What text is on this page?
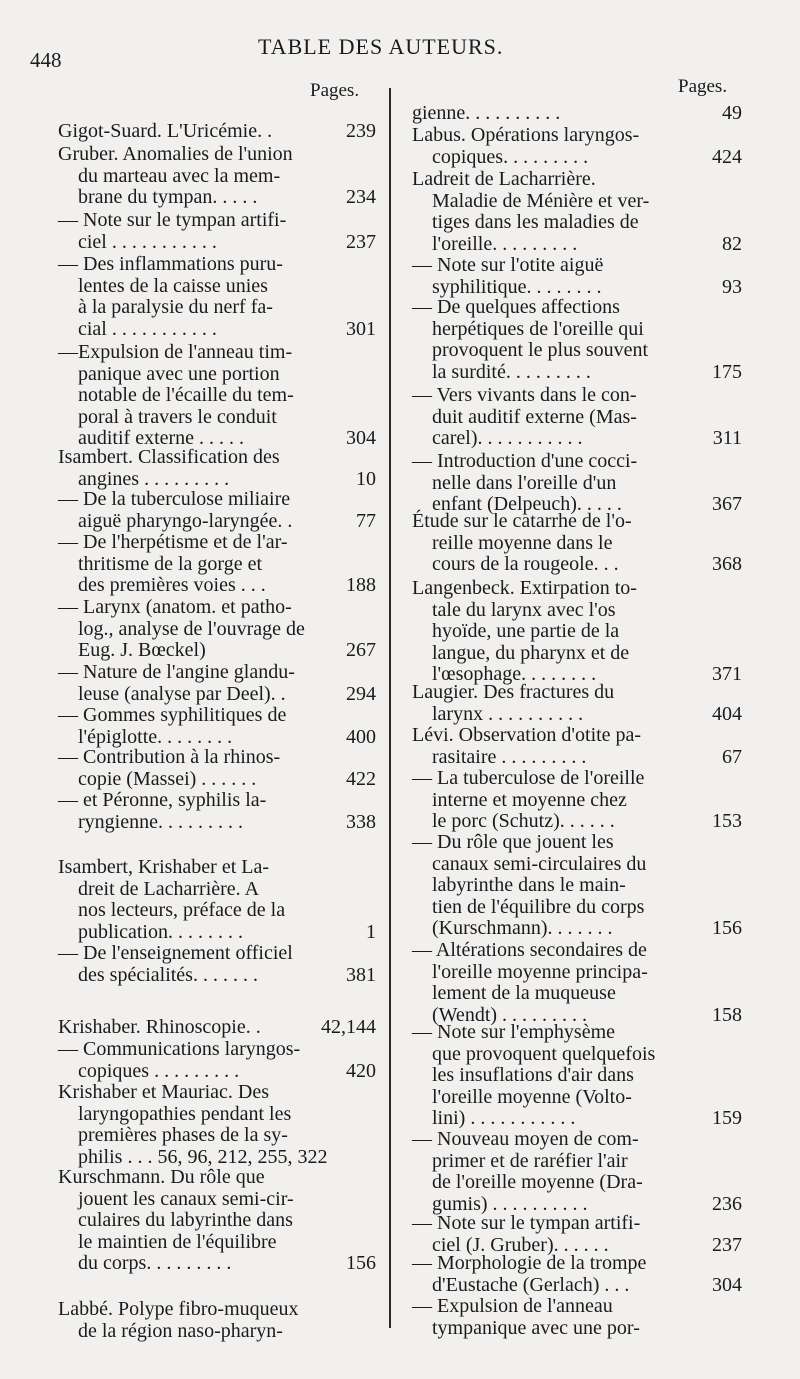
448
TABLE DES AUTEURS.
Pages.
Gigot-Suard. L'Uricémie. .	239
Gruber. Anomalies de l'union
du marteau avec la mem-
brane du tympan. . . . .	234
— Note sur le tympan artifi-
ciel . . . . . . . . . . .	237
— Des inflammations puru-
lentes de la caisse unies
à la paralysie du nerf fa-
cial . . . . . . . . . . .	301
—Expulsion de l'anneau tim-
panique avec une portion
notable de l'écaille du tem-
poral à travers le conduit
auditif externe . . . . .	304
Isambert. Classification des
angines . . . . . . . . .	10
— De la tuberculose miliaire
aiguë pharyngo-laryngée. .	77
— De l'herpétisme et de l'ar-
thritisme de la gorge et
des premières voies . . .	188
— Larynx (anatom. et patho-
log., analyse de l'ouvrage de
Eug. J. Bœckel)	267
— Nature de l'angine glandu-
leuse (analyse par Deel). .	294
— Gommes syphilitiques de
l'épiglotte. . . . . . . .	400
— Contribution à la rhinos-
copie (Massei) . . . . . .	422
— et Péronne, syphilis la-
ryngienne. . . . . . . . .	338
Isambert, Krishaber et La-
dreit de Lacharrière. A
nos lecteurs, préface de la
publication. . . . . . . .	1
— De l'enseignement officiel
des spécialités. . . . . . .	381
Krishaber. Rhinoscopie. .	42,144
— Communications laryngos-
copiques . . . . . . . . .	420
Krishaber et Mauriac. Des
laryngopathies pendant les
premières phases de la sy-
philis . . . 56, 96, 212, 255, 322
Kurschmann. Du rôle que
jouent les canaux semi-cir-
culaires du labyrinthe dans
le maintien de l'équilibre
du corps. . . . . . . . .	156
Labbé. Polype fibro-muqueux
de la région naso-pharyn-
Pages.
gienne. . . . . . . . . .	49
Labus. Opérations laryngos-
copiques. . . . . . . . .	424
Ladreit de Lacharrière.
Maladie de Ménière et ver-
tiges dans les maladies de
l'oreille. . . . . . . . .	82
— Note sur l'otite aiguë
syphilitique. . . . . . . .	93
— De quelques affections
herpétiques de l'oreille qui
provoquent le plus souvent
la surdité. . . . . . . . .	175
— Vers vivants dans le con-
duit auditif externe (Mas-
carel). . . . . . . . . . .	311
— Introduction d'une cocci-
nelle dans l'oreille d'un
enfant (Delpeuch). . . . .	367
Étude sur le catarrhe de l'o-
reille moyenne dans le
cours de la rougeole. . .	368
Langenbeck. Extirpation to-
tale du larynx avec l'os
hyoïde, une partie de la
langue, du pharynx et de
l'œsophage. . . . . . . .	371
Laugier. Des fractures du
larynx . . . . . . . . . .	404
Lévi. Observation d'otite pa-
rasitaire . . . . . . . . .	67
— La tuberculose de l'oreille
interne et moyenne chez
le porc (Schutz). . . . . .	153
— Du rôle que jouent les
canaux semi-circulaires du
labyrinthe dans le main-
tien de l'équilibre du corps
(Kurschmann). . . . . . .	156
— Altérations secondaires de
l'oreille moyenne principa-
lement de la muqueuse
(Wendt) . . . . . . . . .	158
— Note sur l'emphysème
que provoquent quelquefois
les insuflations d'air dans
l'oreille moyenne (Volto-
lini) . . . . . . . . . . .	159
— Nouveau moyen de com-
primer et de raréfier l'air
de l'oreille moyenne (Dra-
gumis) . . . . . . . . . .	236
— Note sur le tympan artifi-
ciel (J. Gruber). . . . . .	237
— Morphologie de la trompe
d'Eustache (Gerlach) . . .	304
— Expulsion de l'anneau
tympanique avec une por-
